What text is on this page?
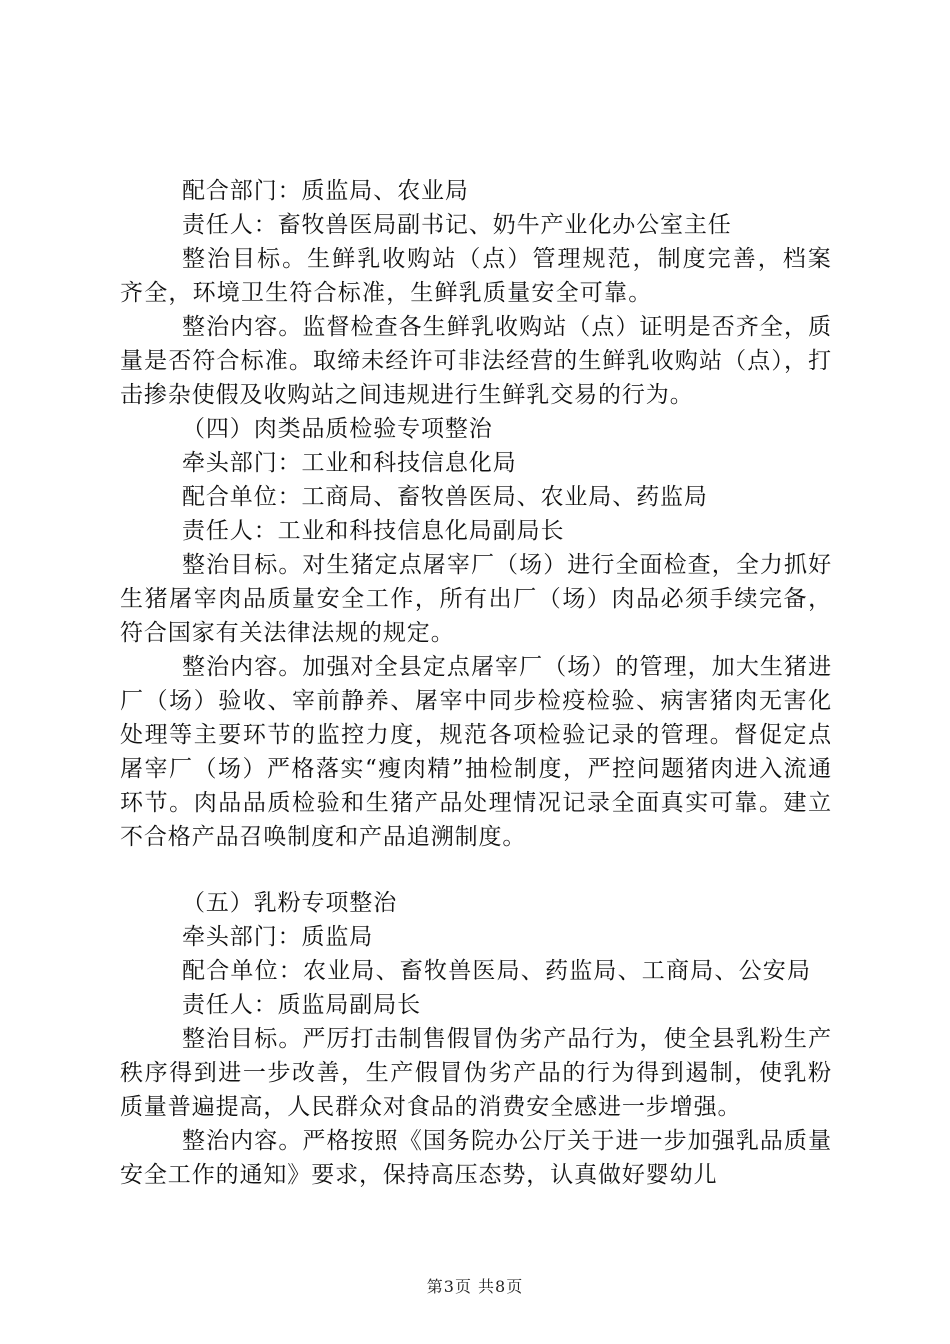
配合部门：质监局、农业局

责任人：畜牧兽医局副书记、奶牛产业化办公室主任

整治目标。生鲜乳收购站（点）管理规范，制度完善，档案齐全，环境卫生符合标准，生鲜乳质量安全可靠。

整治内容。监督检查各生鲜乳收购站（点）证明是否齐全，质量是否符合标准。取缔未经许可非法经营的生鲜乳收购站（点），打击掺杂使假及收购站之间违规进行生鲜乳交易的行为。

（四）肉类品质检验专项整治

牵头部门：工业和科技信息化局

配合单位：工商局、畜牧兽医局、农业局、药监局

责任人：工业和科技信息化局副局长

整治目标。对生猪定点屠宰厂（场）进行全面检查，全力抓好生猪屠宰肉品质量安全工作，所有出厂（场）肉品必须手续完备，符合国家有关法律法规的规定。

整治内容。加强对全县定点屠宰厂（场）的管理，加大生猪进厂（场）验收、宰前静养、屠宰中同步检疫检验、病害猪肉无害化处理等主要环节的监控力度，规范各项检验记录的管理。督促定点屠宰厂（场）严格落实“瘦肉精”抽检制度，严控问题猪肉进入流通环节。肉品品质检验和生猪产品处理情况记录全面真实可靠。建立不合格产品召唤制度和产品追溯制度。

（五）乳粉专项整治

牵头部门：质监局

配合单位：农业局、畜牧兽医局、药监局、工商局、公安局

责任人：质监局副局长

整治目标。严厉打击制售假冒伪劣产品行为，使全县乳粉生产秩序得到进一步改善，生产假冒伪劣产品的行为得到遏制，使乳粉质量普遍提高，人民群众对食品的消费安全感进一步增强。

整治内容。严格按照《国务院办公厅关于进一步加强乳品质量安全工作的通知》要求，保持高压态势，认真做好婴幼儿

第3页 共8页
